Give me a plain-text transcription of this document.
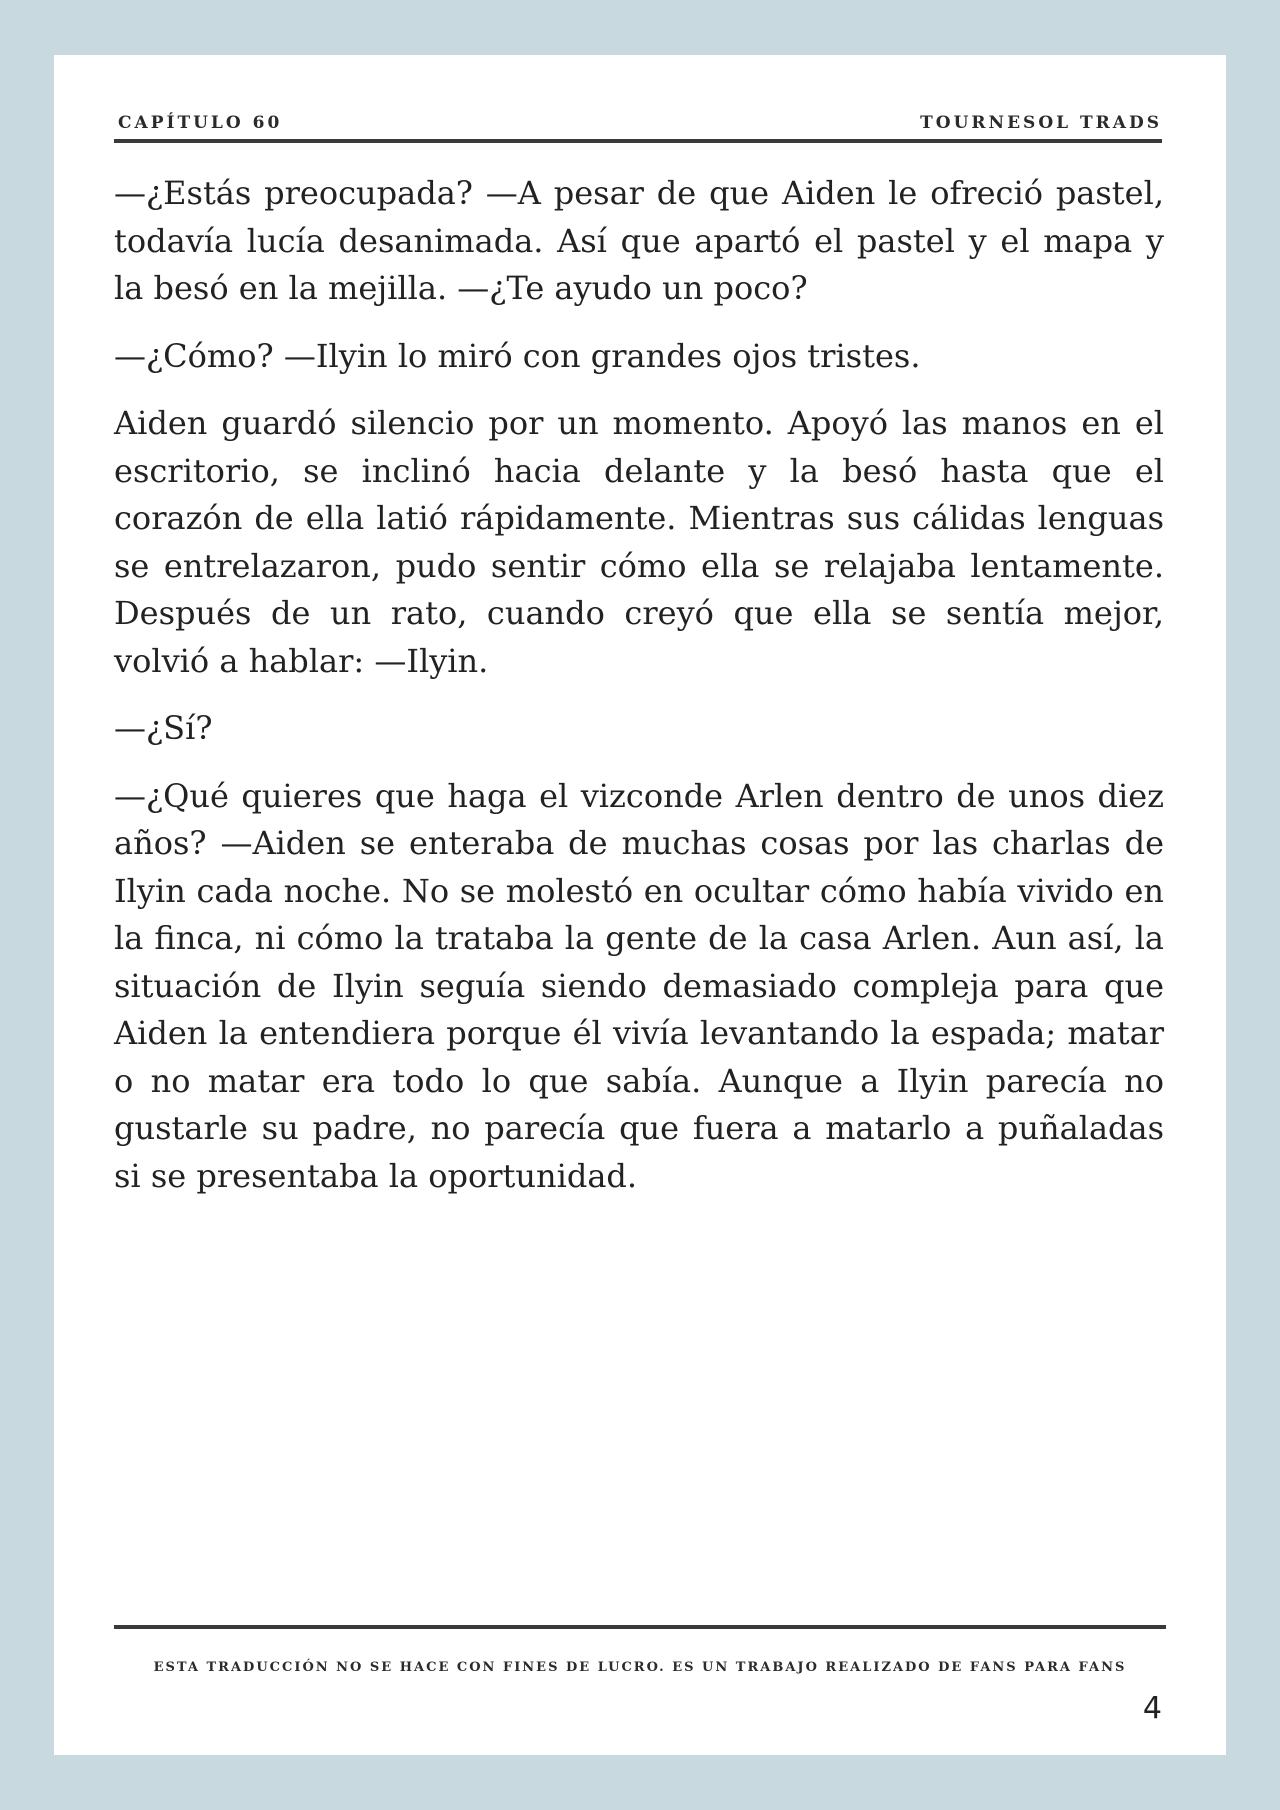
CAPÍTULO 60	TOURNESOL TRADS

—¿Estás preocupada? —A pesar de que Aiden le ofreció pastel, todavía lucía desanimada. Así que apartó el pastel y el mapa y la besó en la mejilla. —¿Te ayudo un poco?

—¿Cómo? —Ilyin lo miró con grandes ojos tristes.

Aiden guardó silencio por un momento. Apoyó las manos en el escritorio, se inclinó hacia delante y la besó hasta que el corazón de ella latió rápidamente. Mientras sus cálidas lenguas se entrelazaron, pudo sentir cómo ella se relajaba lentamente. Después de un rato, cuando creyó que ella se sentía mejor, volvió a hablar: —Ilyin.

—¿Sí?

—¿Qué quieres que haga el vizconde Arlen dentro de unos diez años? —Aiden se enteraba de muchas cosas por las charlas de Ilyin cada noche. No se molestó en ocultar cómo había vivido en la finca, ni cómo la trataba la gente de la casa Arlen. Aun así, la situación de Ilyin seguía siendo demasiado compleja para que Aiden la entendiera porque él vivía levantando la espada; matar o no matar era todo lo que sabía. Aunque a Ilyin parecía no gustarle su padre, no parecía que fuera a matarlo a puñaladas si se presentaba la oportunidad.

ESTA TRADUCCIÓN NO SE HACE CON FINES DE LUCRO. ES UN TRABAJO REALIZADO DE FANS PARA FANS
4
